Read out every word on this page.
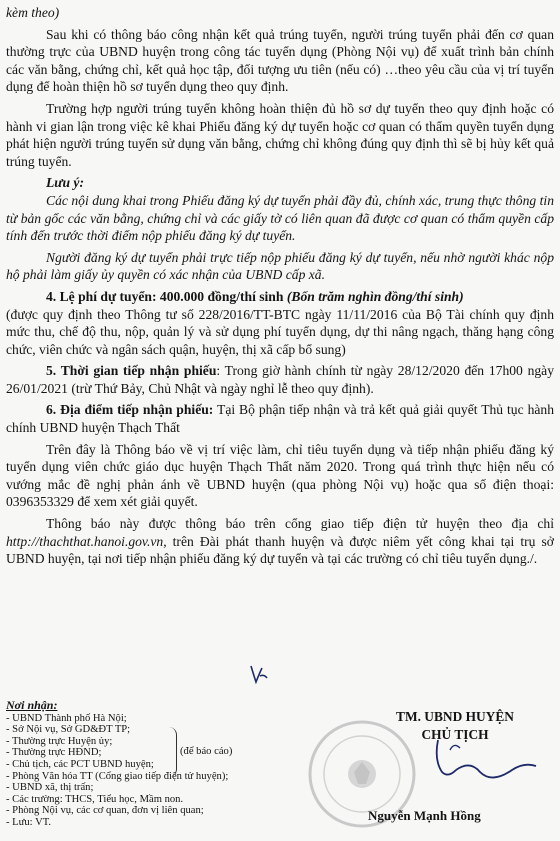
kèm theo)

Sau khi có thông báo công nhận kết quả trúng tuyển, người trúng tuyển phải đến cơ quan thường trực của UBND huyện trong công tác tuyển dụng (Phòng Nội vụ) để xuất trình bản chính các văn bằng, chứng chỉ, kết quả học tập, đối tượng ưu tiên (nếu có) …theo yêu cầu của vị trí tuyển dụng để hoàn thiện hồ sơ tuyển dụng theo quy định.

Trường hợp người trúng tuyển không hoàn thiện đủ hồ sơ dự tuyển theo quy định hoặc có hành vi gian lận trong việc kê khai Phiếu đăng ký dự tuyển hoặc cơ quan có thẩm quyền tuyển dụng phát hiện người trúng tuyển sử dụng văn bằng, chứng chỉ không đúng quy định thì sẽ bị hủy kết quả trúng tuyển.

Lưu ý:

Các nội dung khai trong Phiếu đăng ký dự tuyển phải đầy đủ, chính xác, trung thực thông tin từ bản gốc các văn bằng, chứng chỉ và các giấy tờ có liên quan đã được cơ quan có thẩm quyền cấp tính đến trước thời điểm nộp phiếu đăng ký dự tuyển.

Người đăng ký dự tuyển phải trực tiếp nộp phiếu đăng ký dự tuyển, nếu nhờ người khác nộp hộ phải làm giấy ủy quyền có xác nhận của UBND cấp xã.

4. Lệ phí dự tuyển: 400.000 đồng/thí sinh (Bốn trăm nghìn đồng/thí sinh)

(được quy định theo Thông tư số 228/2016/TT-BTC ngày 11/11/2016 của Bộ Tài chính quy định mức thu, chế độ thu, nộp, quản lý và sử dụng phí tuyển dụng, dự thi nâng ngạch, thăng hạng công chức, viên chức và ngân sách quận, huyện, thị xã cấp bổ sung)

5. Thời gian tiếp nhận phiếu: Trong giờ hành chính từ ngày 28/12/2020 đến 17h00 ngày 26/01/2021 (trừ Thứ Bảy, Chủ Nhật và ngày nghỉ lễ theo quy định).

6. Địa điểm tiếp nhận phiếu: Tại Bộ phận tiếp nhận và trả kết quả giải quyết Thủ tục hành chính UBND huyện Thạch Thất

Trên đây là Thông báo về vị trí việc làm, chỉ tiêu tuyển dụng và tiếp nhận phiếu đăng ký tuyển dụng viên chức giáo dục huyện Thạch Thất năm 2020. Trong quá trình thực hiện nếu có vướng mắc đề nghị phản ánh về UBND huyện (qua phòng Nội vụ) hoặc qua số điện thoại: 0396353329 để xem xét giải quyết.

Thông báo này được thông báo trên cổng giao tiếp điện tử huyện theo địa chỉ http://thachthat.hanoi.gov.vn, trên Đài phát thanh huyện và được niêm yết công khai tại trụ sở UBND huyện, tại nơi tiếp nhận phiếu đăng ký dự tuyển và tại các trường có chỉ tiêu tuyển dụng./.

Nơi nhận:
- UBND Thành phố Hà Nội;
- Sở Nội vụ, Sở GD&ĐT TP;
- Thường trực Huyện ủy;
- Thường trực HĐND;
- Chủ tịch, các PCT UBND huyện;
- Phòng Văn hóa TT (Cổng giao tiếp điện tử huyện);
- UBND xã, thị trấn;
- Các trường: THCS, Tiểu học, Mầm non.
- Phòng Nội vụ, các cơ quan, đơn vị liên quan;
- Lưu: VT.
(để báo cáo)
TM. UBND HUYỆN
CHỦ TỊCH
Nguyễn Mạnh Hồng
